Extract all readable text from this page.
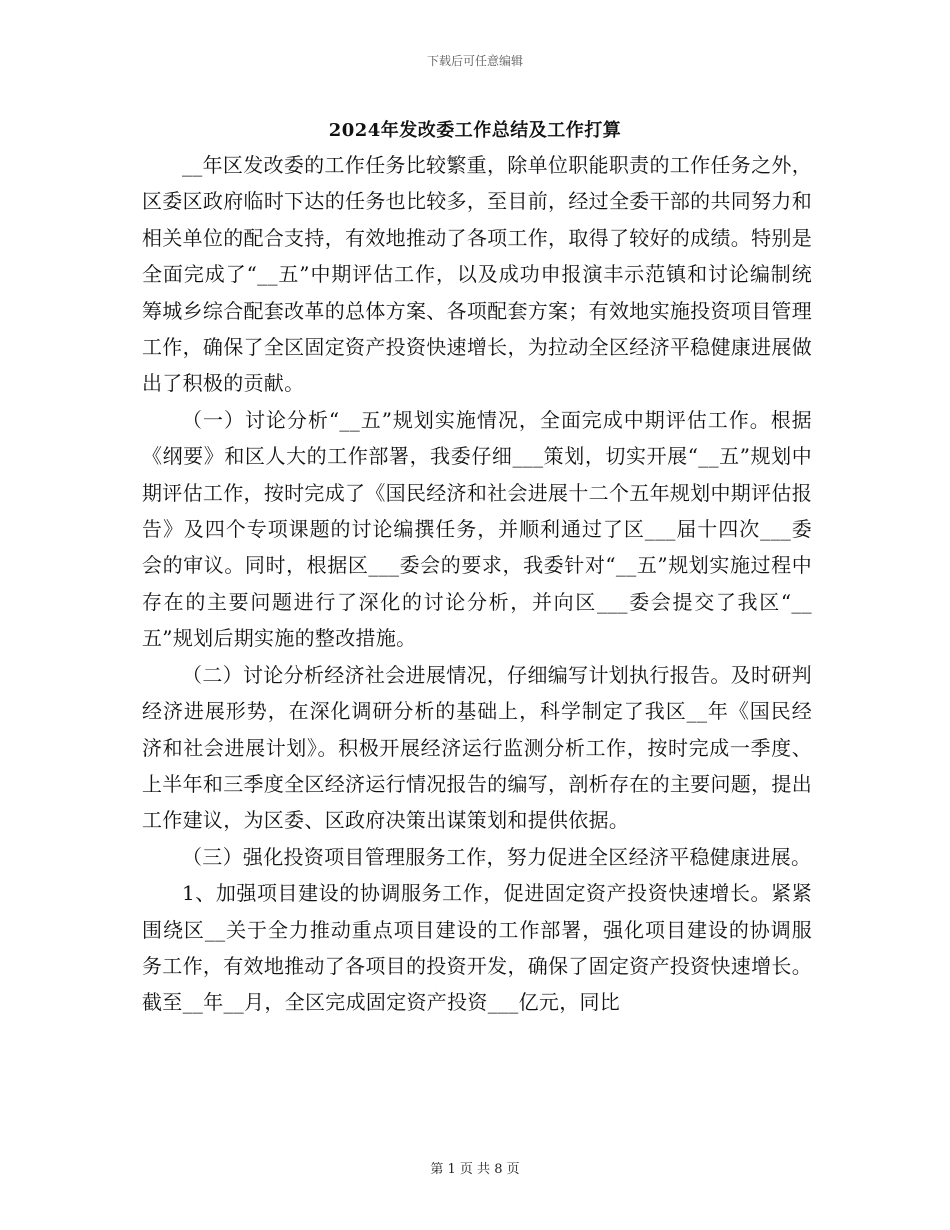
下载后可任意编辑
2024年发改委工作总结及工作打算

__年区发改委的工作任务比较繁重，除单位职能职责的工作任务之外，区委区政府临时下达的任务也比较多，至目前，经过全委干部的共同努力和相关单位的配合支持，有效地推动了各项工作，取得了较好的成绩。特别是全面完成了“__五”中期评估工作，以及成功申报演丰示范镇和讨论编制统筹城乡综合配套改革的总体方案、各项配套方案；有效地实施投资项目管理工作，确保了全区固定资产投资快速增长，为拉动全区经济平稳健康进展做出了积极的贡献。

（一）讨论分析“__五”规划实施情况，全面完成中期评估工作。根据《纲要》和区人大的工作部署，我委仔细___策划，切实开展“__五”规划中期评估工作，按时完成了《国民经济和社会进展十二个五年规划中期评估报告》及四个专项课题的讨论编撰任务，并顺利通过了区___届十四次___委会的审议。同时，根据区___委会的要求，我委针对“__五”规划实施过程中存在的主要问题进行了深化的讨论分析，并向区___委会提交了我区“__五”规划后期实施的整改措施。

（二）讨论分析经济社会进展情况，仔细编写计划执行报告。及时研判经济进展形势，在深化调研分析的基础上，科学制定了我区__年《国民经济和社会进展计划》。积极开展经济运行监测分析工作，按时完成一季度、上半年和三季度全区经济运行情况报告的编写，剖析存在的主要问题，提出工作建议，为区委、区政府决策出谋策划和提供依据。

（三）强化投资项目管理服务工作，努力促进全区经济平稳健康进展。

1、加强项目建设的协调服务工作，促进固定资产投资快速增长。紧紧围绕区__关于全力推动重点项目建设的工作部署，强化项目建设的协调服务工作，有效地推动了各项目的投资开发，确保了固定资产投资快速增长。截至__年__月，全区完成固定资产投资___亿元，同比

第 1 页 共 8 页
